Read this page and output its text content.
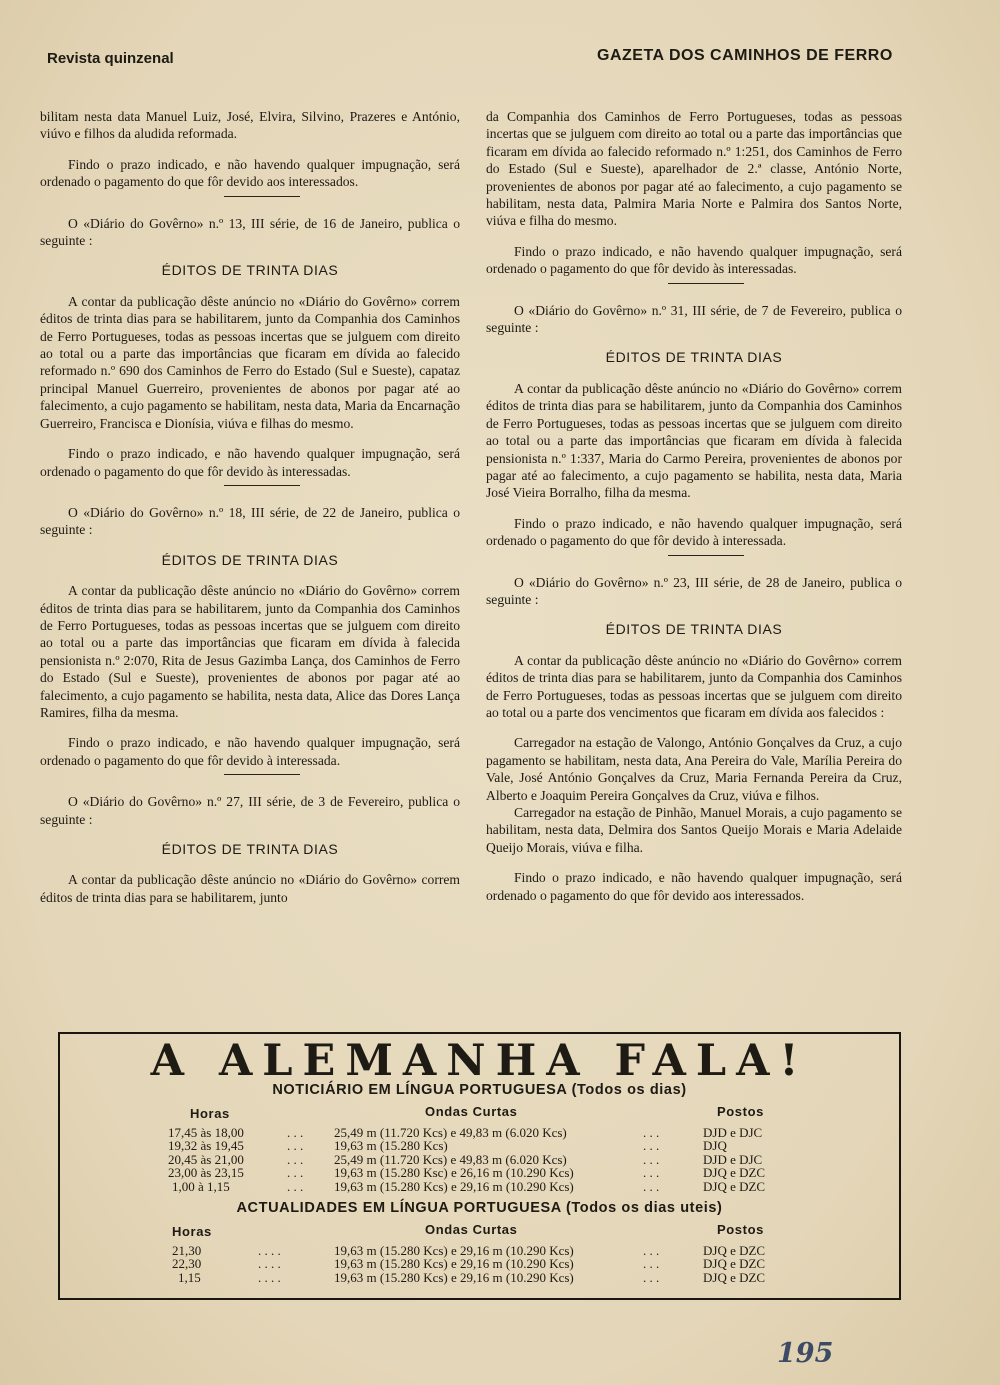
Revista quinzenal	GAZETA DOS CAMINHOS DE FERRO

bilitam nesta data Manuel Luiz, José, Elvira, Silvino, Prazeres e António, viúvo e filhos da aludida reformada.

Findo o prazo indicado, e não havendo qualquer impugnação, será ordenado o pagamento do que fôr devido aos interessados.

O «Diário do Govêrno» n.º 13, III série, de 16 de Janeiro, publica o seguinte :

ÉDITOS DE TRINTA DIAS

A contar da publicação dêste anúncio no «Diário do Govêrno» correm éditos de trinta dias para se habilitarem, junto da Companhia dos Caminhos de Ferro Portugueses, todas as pessoas incertas que se julguem com direito ao total ou a parte das importâncias que ficaram em dívida ao falecido reformado n.º 690 dos Caminhos de Ferro do Estado (Sul e Sueste), capataz principal Manuel Guerreiro, provenientes de abonos por pagar até ao falecimento, a cujo pagamento se habilitam, nesta data, Maria da Encarnação Guerreiro, Francisca e Dionísia, viúva e filhas do mesmo.

Findo o prazo indicado, e não havendo qualquer impugnação, será ordenado o pagamento do que fôr devido às interessadas.

O «Diário do Govêrno» n.º 18, III série, de 22 de Janeiro, publica o seguinte :

ÉDITOS DE TRINTA DIAS

A contar da publicação dêste anúncio no «Diário do Govêrno» correm éditos de trinta dias para se habilitarem, junto da Companhia dos Caminhos de Ferro Portugueses, todas as pessoas incertas que se julguem com direito ao total ou a parte das importâncias que ficaram em dívida à falecida pensionista n.º 2:070, Rita de Jesus Gazimba Lança, dos Caminhos de Ferro do Estado (Sul e Sueste), provenientes de abonos por pagar até ao falecimento, a cujo pagamento se habilita, nesta data, Alice das Dores Lança Ramires, filha da mesma.

Findo o prazo indicado, e não havendo qualquer impugnação, será ordenado o pagamento do que fôr devido à interessada.

O «Diário do Govêrno» n.º 27, III série, de 3 de Fevereiro, publica o seguinte :

ÉDITOS DE TRINTA DIAS

A contar da publicação dêste anúncio no «Diário do Govêrno» correm éditos de trinta dias para se habilitarem, junto

da Companhia dos Caminhos de Ferro Portugueses, todas as pessoas incertas que se julguem com direito ao total ou a parte das importâncias que ficaram em dívida ao falecido reformado n.º 1:251, dos Caminhos de Ferro do Estado (Sul e Sueste), aparelhador de 2.ª classe, António Norte, provenientes de abonos por pagar até ao falecimento, a cujo pagamento se habilitam, nesta data, Palmira Maria Norte e Palmira dos Santos Norte, viúva e filha do mesmo.

Findo o prazo indicado, e não havendo qualquer impugnação, será ordenado o pagamento do que fôr devido às interessadas.

O «Diário do Govêrno» n.º 31, III série, de 7 de Fevereiro, publica o seguinte :

ÉDITOS DE TRINTA DIAS

A contar da publicação dêste anúncio no «Diário do Govêrno» correm éditos de trinta dias para se habilitarem, junto da Companhia dos Caminhos de Ferro Portugueses, todas as pessoas incertas que se julguem com direito ao total ou a parte das importâncias que ficaram em dívida à falecida pensionista n.º 1:337, Maria do Carmo Pereira, provenientes de abonos por pagar até ao falecimento, a cujo pagamento se habilita, nesta data, Maria José Vieira Borralho, filha da mesma.

Findo o prazo indicado, e não havendo qualquer impugnação, será ordenado o pagamento do que fôr devido à interessada.

O «Diário do Govêrno» n.º 23, III série, de 28 de Janeiro, publica o seguinte :

ÉDITOS DE TRINTA DIAS

A contar da publicação dêste anúncio no «Diário do Govêrno» correm éditos de trinta dias para se habilitarem, junto da Companhia dos Caminhos de Ferro Portugueses, todas as pessoas incertas que se julguem com direito ao total ou a parte dos vencimentos que ficaram em dívida aos falecidos :

Carregador na estação de Valongo, António Gonçalves da Cruz, a cujo pagamento se habilitam, nesta data, Ana Pereira do Vale, Marília Pereira do Vale, José António Gonçalves da Cruz, Maria Fernanda Pereira da Cruz, Alberto e Joaquim Pereira Gonçalves da Cruz, viúva e filhos.

Carregador na estação de Pinhão, Manuel Morais, a cujo pagamento se habilitam, nesta data, Delmira dos Santos Queijo Morais e Maria Adelaide Queijo Morais, viúva e filha.

Findo o prazo indicado, e não havendo qualquer impugnação, será ordenado o pagamento do que fôr devido aos interessados.

A ALEMANHA FALA!
NOTICIÁRIO EM LÍNGUA PORTUGUESA (Todos os dias)
Horas	Ondas Curtas	Postos
17,45 às 18,00	. . . 25,49 m (11.720 Kcs) e 49,83 m (6.020 Kcs)	. . .	DJD e DJC
19,32 às 19,45	. . . 19,63 m (15.280 Kcs)	. . .	DJQ
20,45 às 21,00	. . . 25,49 m (11.720 Kcs) e 49,83 m (6.020 Kcs)	. . .	DJD e DJC
23,00 às 23,15	. . . 19,63 m (15.280 Ksc) e 26,16 m (10.290 Kcs)	. . .	DJQ e DZC
1,00 à 1,15	. . . 19,63 m (15.280 Kcs) e 29,16 m (10.290 Kcs)	. . .	DJQ e DZC
ACTUALIDADES EM LÍNGUA PORTUGUESA (Todos os dias uteis)
Horas	Ondas Curtas	Postos
21,30	. . . .	19,63 m (15.280 Kcs) e 29,16 m (10.290 Kcs)	. . .	DJQ e DZC
22,30	. . . .	19,63 m (15.280 Kcs) e 29,16 m (10.290 Kcs)	. . .	DJQ e DZC
1,15	. . . .	19,63 m (15.280 Kcs) e 29,16 m (10.290 Kcs)	. . .	DJQ e DZC
195
